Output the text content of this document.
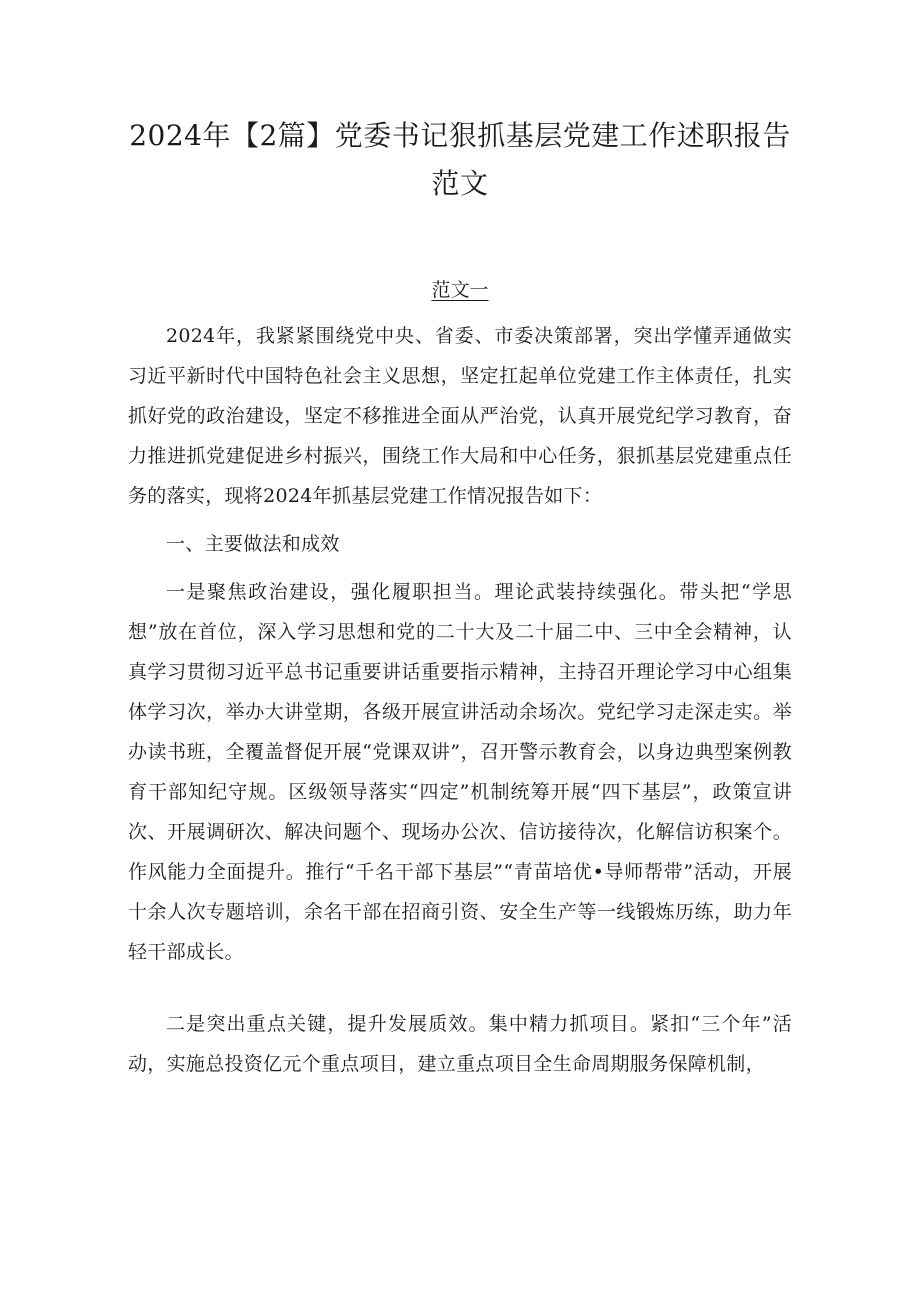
2024年【2篇】党委书记狠抓基层党建工作述职报告
范文
范文一

2024年，我紧紧围绕党中央、省委、市委决策部署，突出学懂弄通做实习近平新时代中国特色社会主义思想，坚定扛起单位党建工作主体责任，扎实抓好党的政治建设，坚定不移推进全面从严治党，认真开展党纪学习教育，奋力推进抓党建促进乡村振兴，围绕工作大局和中心任务，狠抓基层党建重点任务的落实，现将2024年抓基层党建工作情况报告如下：

一、主要做法和成效

一是聚焦政治建设，强化履职担当。理论武装持续强化。带头把“学思想”放在首位，深入学习思想和党的二十大及二十届二中、三中全会精神，认真学习贯彻习近平总书记重要讲话重要指示精神，主持召开理论学习中心组集体学习次，举办大讲堂期，各级开展宣讲活动余场次。党纪学习走深走实。举办读书班，全覆盖督促开展“党课双讲”，召开警示教育会，以身边典型案例教育干部知纪守规。区级领导落实“四定”机制统筹开展“四下基层”，政策宣讲次、开展调研次、解决问题个、现场办公次、信访接待次，化解信访积案个。作风能力全面提升。推行“千名干部下基层”“青苗培优•导师帮带”活动，开展十余人次专题培训，余名干部在招商引资、安全生产等一线锻炼历练，助力年轻干部成长。

二是突出重点关键，提升发展质效。集中精力抓项目。紧扣“三个年”活动，实施总投资亿元个重点项目，建立重点项目全生命周期服务保障机制，
